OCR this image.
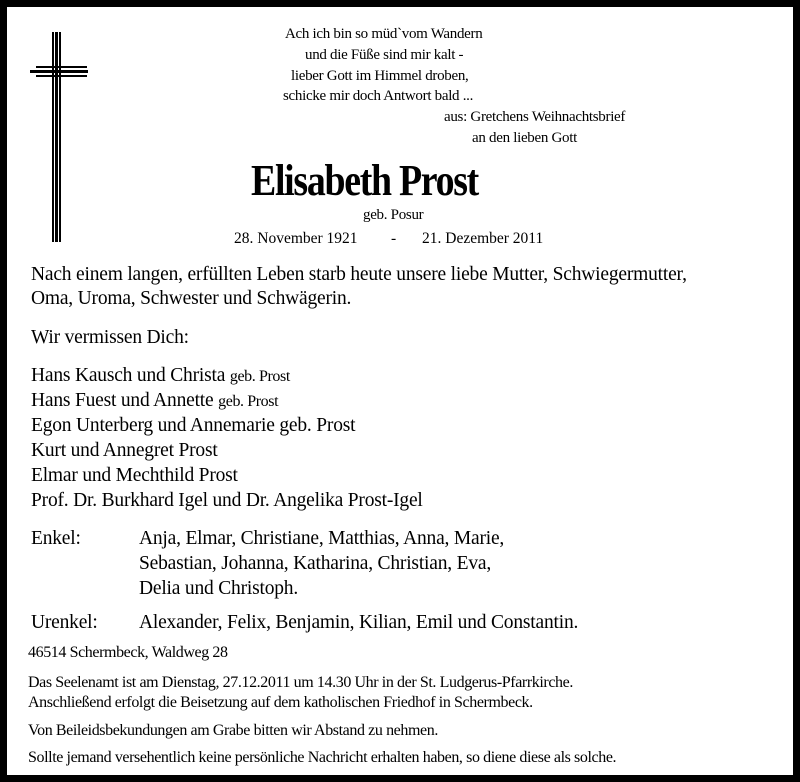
Ach ich bin so müd`vom Wandern
und die Füße sind mir kalt -
lieber Gott im Himmel droben,
schicke mir doch Antwort bald ...
aus: Gretchens Weihnachtsbrief
an den lieben Gott
Elisabeth Prost
geb. Posur
28. November 1921 - 21. Dezember 2011
Nach einem langen, erfüllten Leben starb heute unsere liebe Mutter, Schwiegermutter,
Oma, Uroma, Schwester und Schwägerin.
Wir vermissen Dich:
Hans Kausch und Christa geb. Prost
Hans Fuest und Annette geb. Prost
Egon Unterberg und Annemarie geb. Prost
Kurt und Annegret Prost
Elmar und Mechthild Prost
Prof. Dr. Burkhard Igel und Dr. Angelika Prost-Igel
Enkel:	Anja, Elmar, Christiane, Matthias, Anna, Marie,
Sebastian, Johanna, Katharina, Christian, Eva,
Delia und Christoph.
Urenkel: Alexander, Felix, Benjamin, Kilian, Emil und Constantin.
46514 Schermbeck, Waldweg 28
Das Seelenamt ist am Dienstag, 27.12.2011 um 14.30 Uhr in der St. Ludgerus-Pfarrkirche.
Anschließend erfolgt die Beisetzung auf dem katholischen Friedhof in Schermbeck.
Von Beileidsbekundungen am Grabe bitten wir Abstand zu nehmen.
Sollte jemand versehentlich keine persönliche Nachricht erhalten haben, so diene diese als solche.
